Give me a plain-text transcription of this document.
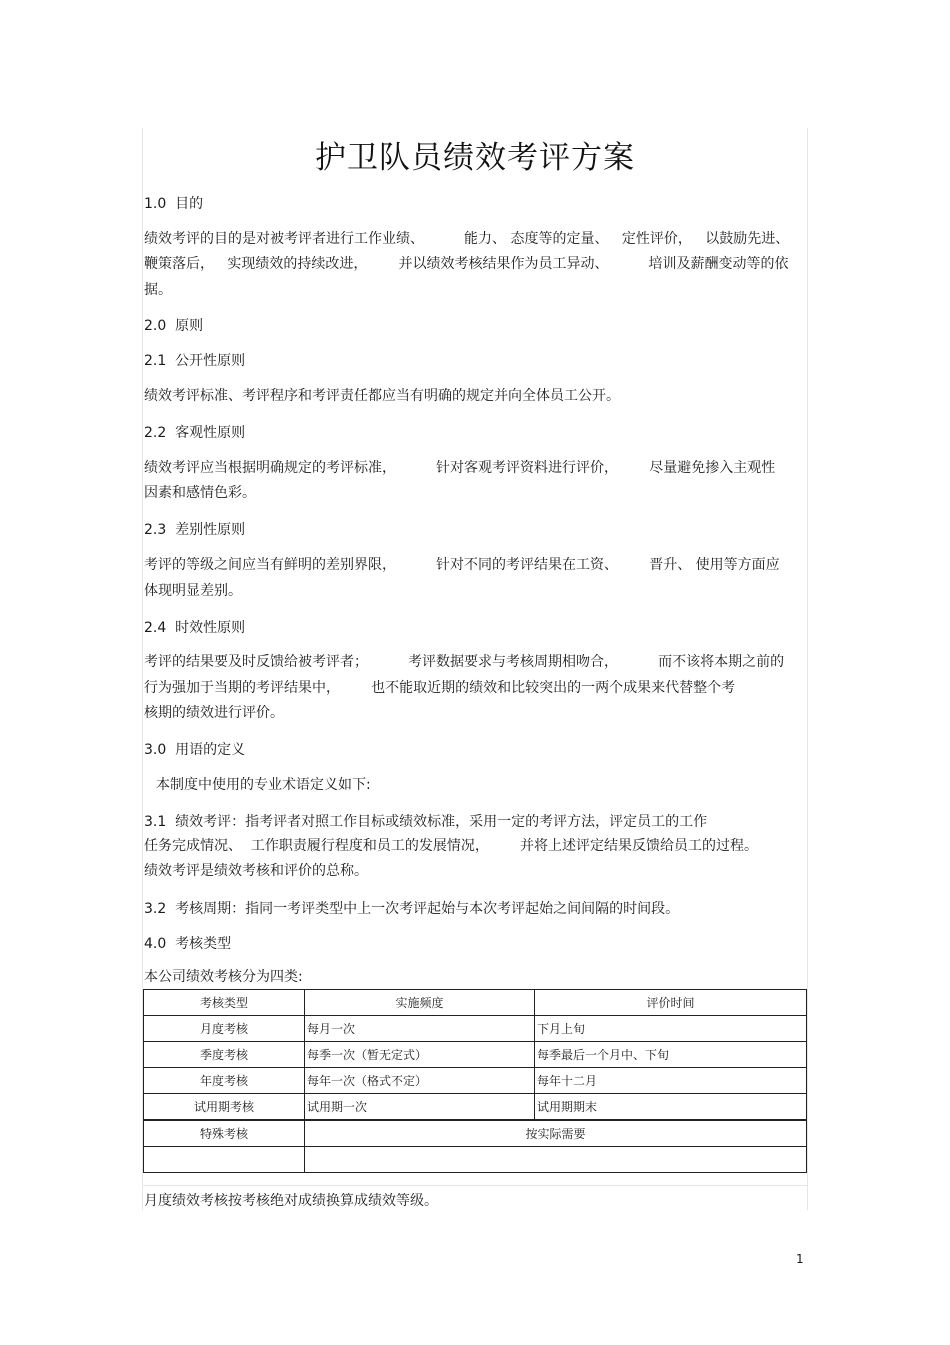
护卫队员绩效考评方案
1.0  目的
绩效考评的目的是对被考评者进行工作业绩、         能力、 态度等的定量、   定性评价，   以鼓励先进、
鞭策落后，   实现绩效的持续改进，       并以绩效考核结果作为员工异动、         培训及薪酬变动等的依
据。
2.0  原则
2.1  公开性原则
绩效考评标准、考评程序和考评责任都应当有明确的规定并向全体员工公开。
2.2  客观性原则
绩效考评应当根据明确规定的考评标准，         针对客观考评资料进行评价，       尽量避免掺入主观性
因素和感情色彩。
2.3  差别性原则
考评的等级之间应当有鲜明的差别界限，         针对不同的考评结果在工资、       晋升、 使用等方面应
体现明显差别。
2.4  时效性原则
考评的结果要及时反馈给被考评者；         考评数据要求与考核周期相吻合，         而不该将本期之前的
行为强加于当期的考评结果中，       也不能取近期的绩效和比较突出的一两个成果来代替整个考
核期的绩效进行评价。
3.0  用语的定义
本制度中使用的专业术语定义如下:
3.1  绩效考评：指考评者对照工作目标或绩效标准，采用一定的考评方法，评定员工的工作
任务完成情况、  工作职责履行程度和员工的发展情况，       并将上述评定结果反馈给员工的过程。
绩效考评是绩效考核和评价的总称。
3.2  考核周期：指同一考评类型中上一次考评起始与本次考评起始之间间隔的时间段。
4.0  考核类型
本公司绩效考核分为四类:
考核类型	实施频度	评价时间
月度考核	每月一次	下月上旬
季度考核	每季一次（暂无定式）	每季最后一个月中、下旬
年度考核	每年一次（格式不定）	每年十二月
试用期考核	试用期一次	试用期期末
特殊考核	按实际需要	

月度绩效考核按考核绝对成绩换算成绩效等级。
1
